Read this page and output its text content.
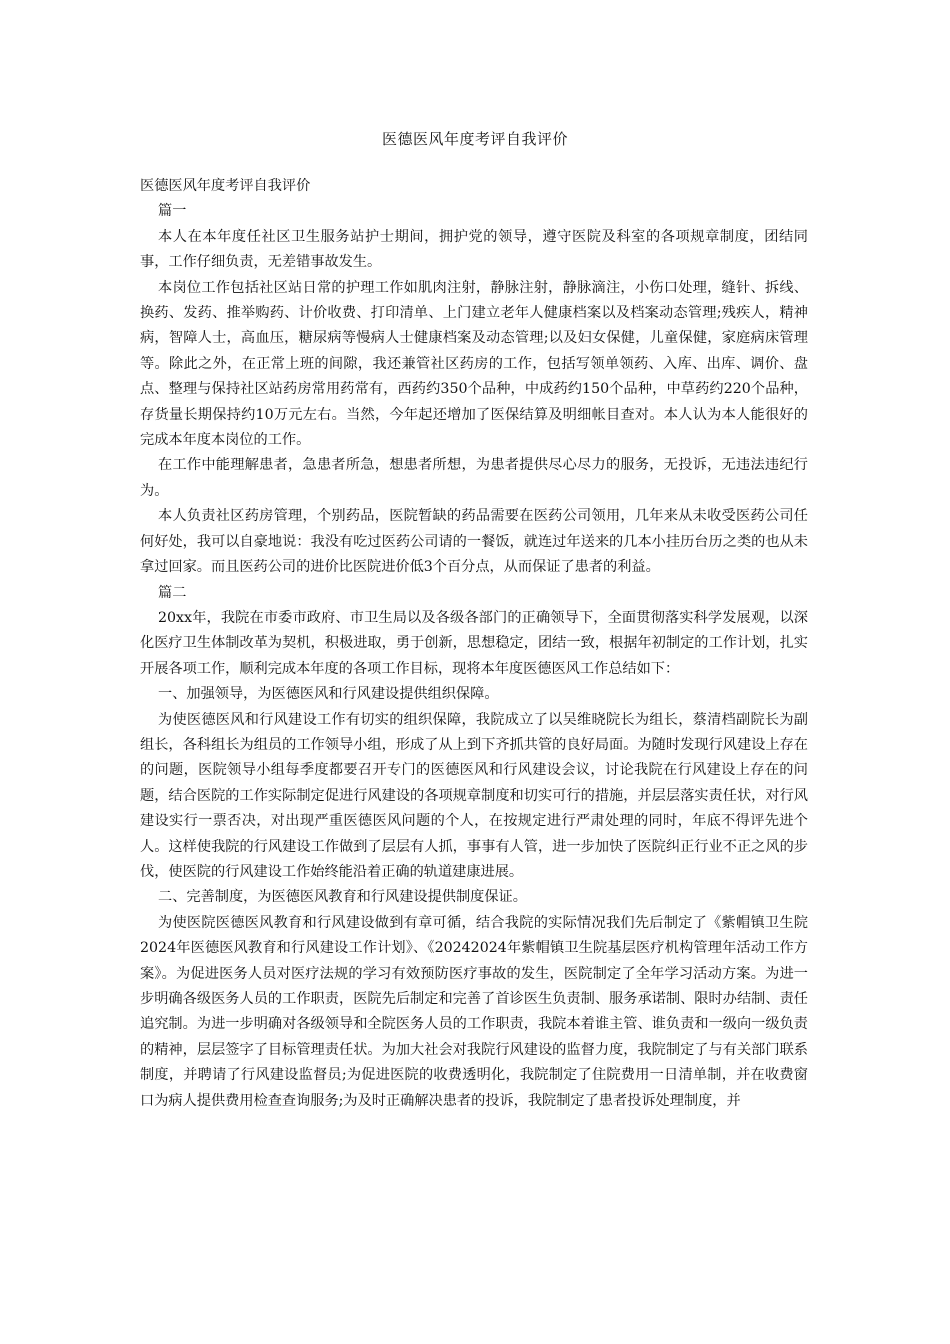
医德医风年度考评自我评价

医德医风年度考评自我评价

篇一

本人在本年度任社区卫生服务站护士期间，拥护党的领导，遵守医院及科室的各项规章制度，团结同事，工作仔细负责，无差错事故发生。

本岗位工作包括社区站日常的护理工作如肌肉注射，静脉注射，静脉滴注，小伤口处理，缝针、拆线、换药、发药、推举购药、计价收费、打印清单、上门建立老年人健康档案以及档案动态管理;残疾人，精神病，智障人士，高血压，糖尿病等慢病人士健康档案及动态管理;以及妇女保健，儿童保健，家庭病床管理等。除此之外，在正常上班的间隙，我还兼管社区药房的工作，包括写领单领药、入库、出库、调价、盘点、整理与保持社区站药房常用药常有，西药约350个品种，中成药约150个品种，中草药约220个品种，存货量长期保持约10万元左右。当然，今年起还增加了医保结算及明细帐目查对。本人认为本人能很好的完成本年度本岗位的工作。

在工作中能理解患者，急患者所急，想患者所想，为患者提供尽心尽力的服务，无投诉，无违法违纪行为。

本人负责社区药房管理，个别药品，医院暂缺的药品需要在医药公司领用，几年来从未收受医药公司任何好处，我可以自豪地说：我没有吃过医药公司请的一餐饭，就连过年送来的几本小挂历台历之类的也从未拿过回家。而且医药公司的进价比医院进价低3个百分点，从而保证了患者的利益。

篇二

20xx年，我院在市委市政府、市卫生局以及各级各部门的正确领导下，全面贯彻落实科学发展观，以深化医疗卫生体制改革为契机，积极进取，勇于创新，思想稳定，团结一致，根据年初制定的工作计划，扎实开展各项工作，顺利完成本年度的各项工作目标，现将本年度医德医风工作总结如下：

一、加强领导，为医德医风和行风建设提供组织保障。

为使医德医风和行风建设工作有切实的组织保障，我院成立了以吴维晓院长为组长，蔡清档副院长为副组长，各科组长为组员的工作领导小组，形成了从上到下齐抓共管的良好局面。为随时发现行风建设上存在的问题，医院领导小组每季度都要召开专门的医德医风和行风建设会议，讨论我院在行风建设上存在的问题，结合医院的工作实际制定促进行风建设的各项规章制度和切实可行的措施，并层层落实责任状，对行风建设实行一票否决，对出现严重医德医风问题的个人，在按规定进行严肃处理的同时，年底不得评先进个人。这样使我院的行风建设工作做到了层层有人抓，事事有人管，进一步加快了医院纠正行业不正之风的步伐，使医院的行风建设工作始终能沿着正确的轨道建康进展。

二、完善制度，为医德医风教育和行风建设提供制度保证。

为使医院医德医风教育和行风建设做到有章可循，结合我院的实际情况我们先后制定了《紫帽镇卫生院2024年医德医风教育和行风建设工作计划》、《20242024年紫帽镇卫生院基层医疗机构管理年活动工作方案》。为促进医务人员对医疗法规的学习有效预防医疗事故的发生，医院制定了全年学习活动方案。为进一步明确各级医务人员的工作职责，医院先后制定和完善了首诊医生负责制、服务承诺制、限时办结制、责任追究制。为进一步明确对各级领导和全院医务人员的工作职责，我院本着谁主管、谁负责和一级向一级负责的精神，层层签字了目标管理责任状。为加大社会对我院行风建设的监督力度，我院制定了与有关部门联系制度，并聘请了行风建设监督员;为促进医院的收费透明化，我院制定了住院费用一日清单制，并在收费窗口为病人提供费用检查查询服务;为及时正确解决患者的投诉，我院制定了患者投诉处理制度，并
